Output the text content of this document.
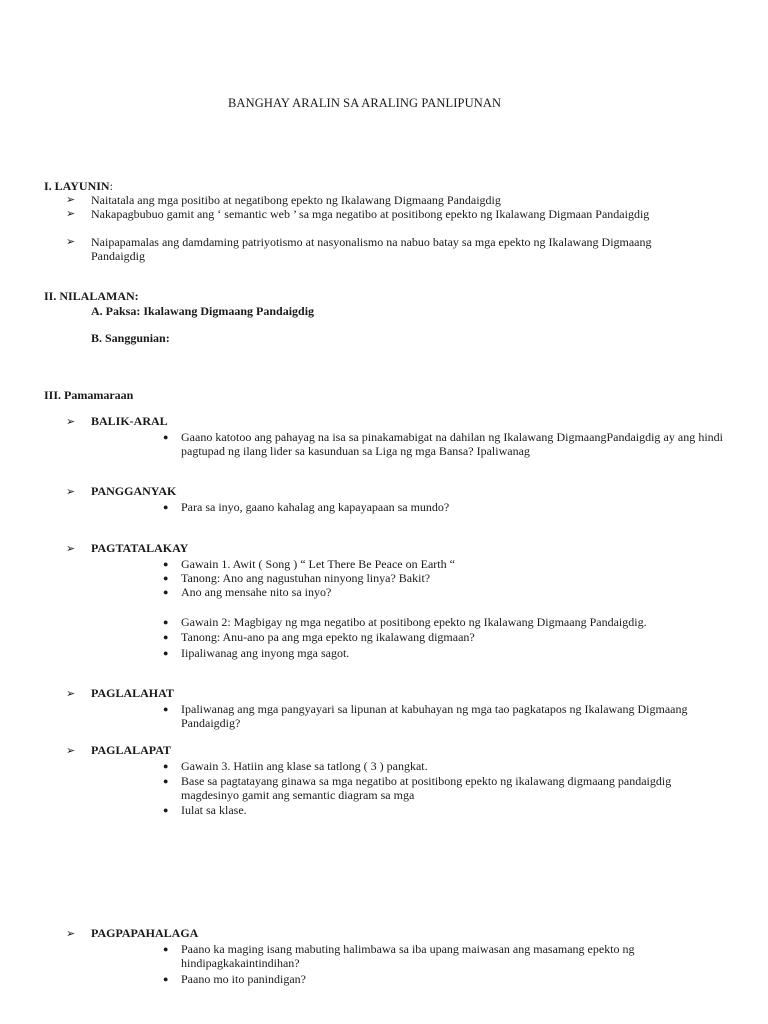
BANGHAY ARALIN SA ARALING PANLIPUNAN
I. LAYUNIN:
➢ Naitatala ang mga positibo at negatibong epekto ng Ikalawang Digmaang Pandaigdig
➢ Nakapagbubuo gamit ang ‘ semantic web ’ sa mga negatibo at positibong epekto ng Ikalawang Digmaan Pandaigdig
➢ Naipapamalas ang damdaming patriyotismo at nasyonalismo na nabuo batay sa mga epekto ng Ikalawang Digmaang Pandaigdig
II. NILALAMAN:
A. Paksa: Ikalawang Digmaang Pandaigdig
B. Sanggunian:
III. Pamamaraan
➢ BALIK-ARAL
● Gaano katotoo ang pahayag na isa sa pinakamabigat na dahilan ng Ikalawang DigmaangPandaigdig ay ang hindi pagtupad ng ilang lider sa kasunduan sa Liga ng mga Bansa? Ipaliwanag
➢ PANGGANYAK
● Para sa inyo, gaano kahalag ang kapayapaan sa mundo?
➢ PAGTATALAKAY
● Gawain 1. Awit ( Song ) “ Let There Be Peace on Earth “
● Tanong: Ano ang nagustuhan ninyong linya? Bakit?
● Ano ang mensahe nito sa inyo?
● Gawain 2: Magbigay ng mga negatibo at positibong epekto ng Ikalawang Digmaang Pandaigdig.
● Tanong: Anu-ano pa ang mga epekto ng ikalawang digmaan?
● Iipaliwanag ang inyong mga sagot.
➢ PAGLALAHAT
● Ipaliwanag ang mga pangyayari sa lipunan at kabuhayan ng mga tao pagkatapos ng Ikalawang Digmaang Pandaigdig?
➢ PAGLALAPAT
● Gawain 3. Hatiin ang klase sa tatlong ( 3 ) pangkat.
● Base sa pagtatayang ginawa sa mga negatibo at positibong epekto ng ikalawang digmaang pandaigdig magdesinyo gamit ang semantic diagram sa mga
● Iulat sa klase.
➢ PAGPAPAHALAGA
● Paano ka maging isang mabuting halimbawa sa iba upang maiwasan ang masamang epekto ng hindipagkakaintindihan?
● Paano mo ito panindigan?
